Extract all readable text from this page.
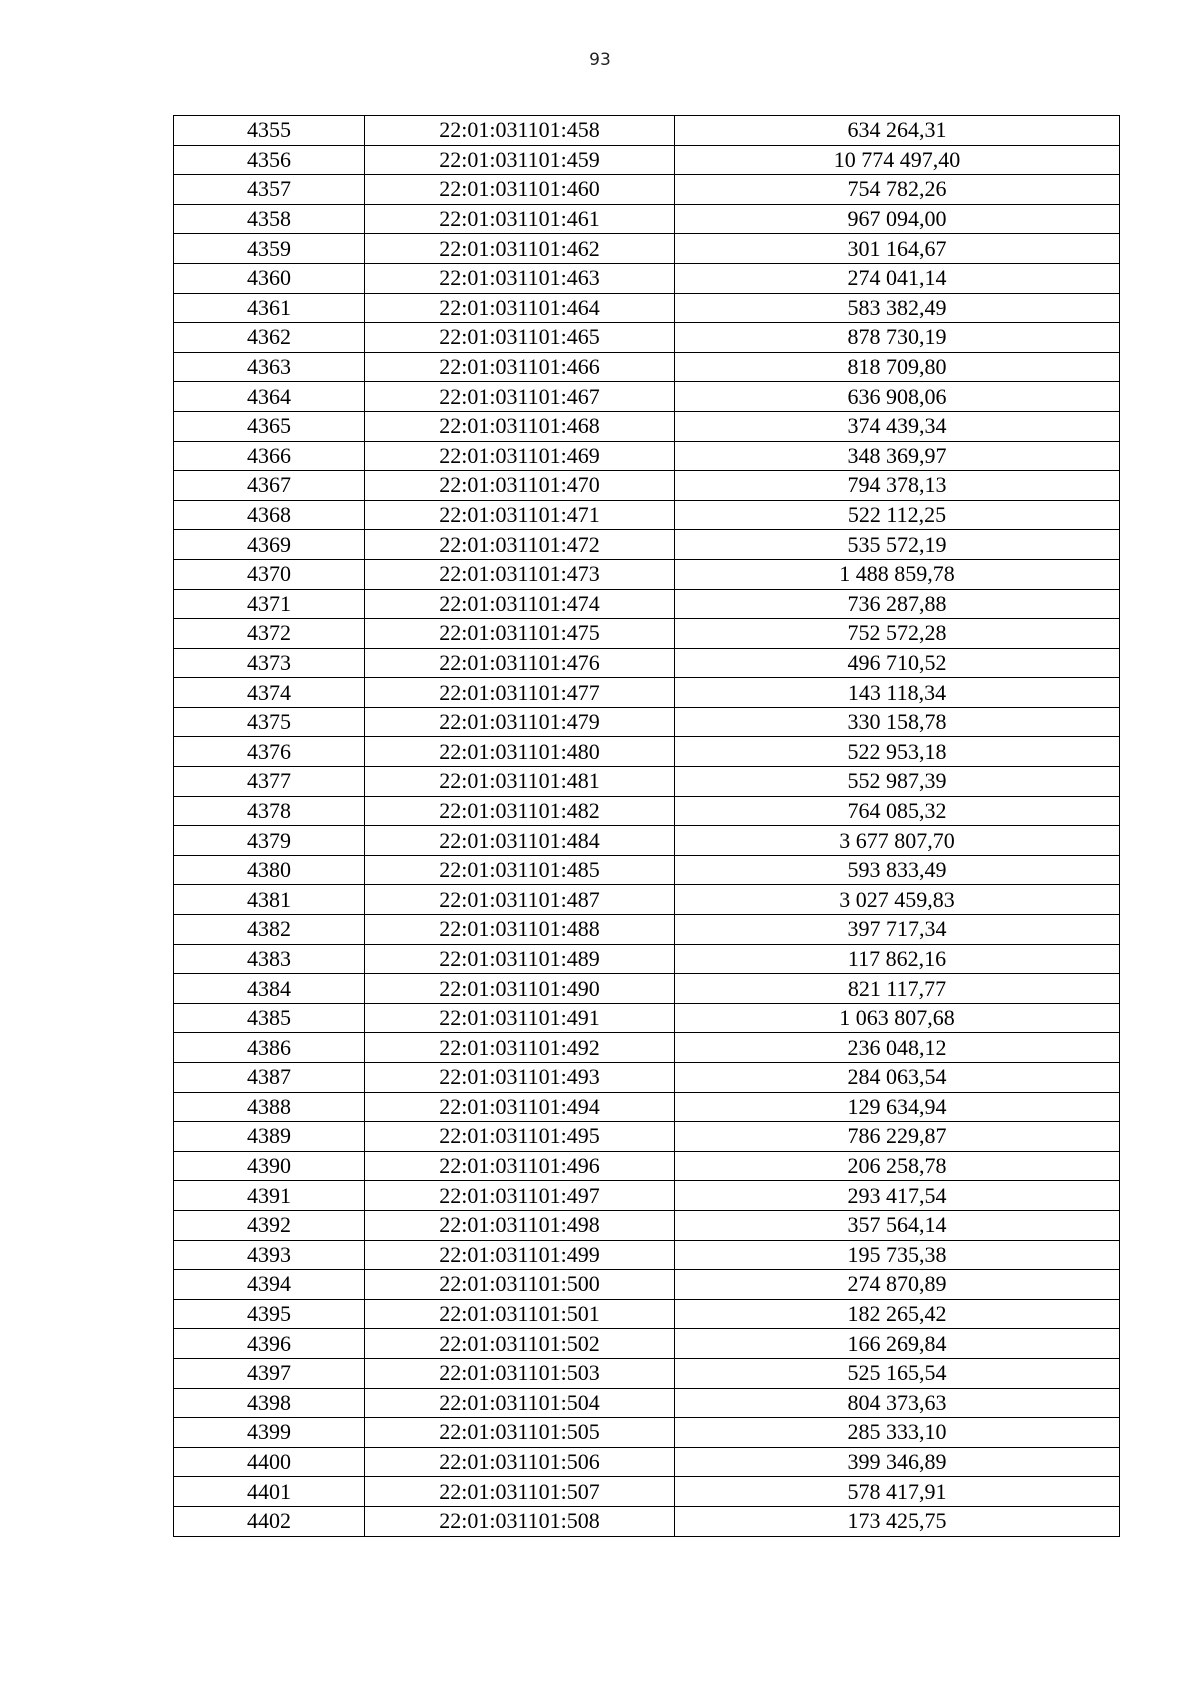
93
4355	22:01:031101:458	634 264,31
4356	22:01:031101:459	10 774 497,40
4357	22:01:031101:460	754 782,26
4358	22:01:031101:461	967 094,00
4359	22:01:031101:462	301 164,67
4360	22:01:031101:463	274 041,14
4361	22:01:031101:464	583 382,49
4362	22:01:031101:465	878 730,19
4363	22:01:031101:466	818 709,80
4364	22:01:031101:467	636 908,06
4365	22:01:031101:468	374 439,34
4366	22:01:031101:469	348 369,97
4367	22:01:031101:470	794 378,13
4368	22:01:031101:471	522 112,25
4369	22:01:031101:472	535 572,19
4370	22:01:031101:473	1 488 859,78
4371	22:01:031101:474	736 287,88
4372	22:01:031101:475	752 572,28
4373	22:01:031101:476	496 710,52
4374	22:01:031101:477	143 118,34
4375	22:01:031101:479	330 158,78
4376	22:01:031101:480	522 953,18
4377	22:01:031101:481	552 987,39
4378	22:01:031101:482	764 085,32
4379	22:01:031101:484	3 677 807,70
4380	22:01:031101:485	593 833,49
4381	22:01:031101:487	3 027 459,83
4382	22:01:031101:488	397 717,34
4383	22:01:031101:489	117 862,16
4384	22:01:031101:490	821 117,77
4385	22:01:031101:491	1 063 807,68
4386	22:01:031101:492	236 048,12
4387	22:01:031101:493	284 063,54
4388	22:01:031101:494	129 634,94
4389	22:01:031101:495	786 229,87
4390	22:01:031101:496	206 258,78
4391	22:01:031101:497	293 417,54
4392	22:01:031101:498	357 564,14
4393	22:01:031101:499	195 735,38
4394	22:01:031101:500	274 870,89
4395	22:01:031101:501	182 265,42
4396	22:01:031101:502	166 269,84
4397	22:01:031101:503	525 165,54
4398	22:01:031101:504	804 373,63
4399	22:01:031101:505	285 333,10
4400	22:01:031101:506	399 346,89
4401	22:01:031101:507	578 417,91
4402	22:01:031101:508	173 425,75
